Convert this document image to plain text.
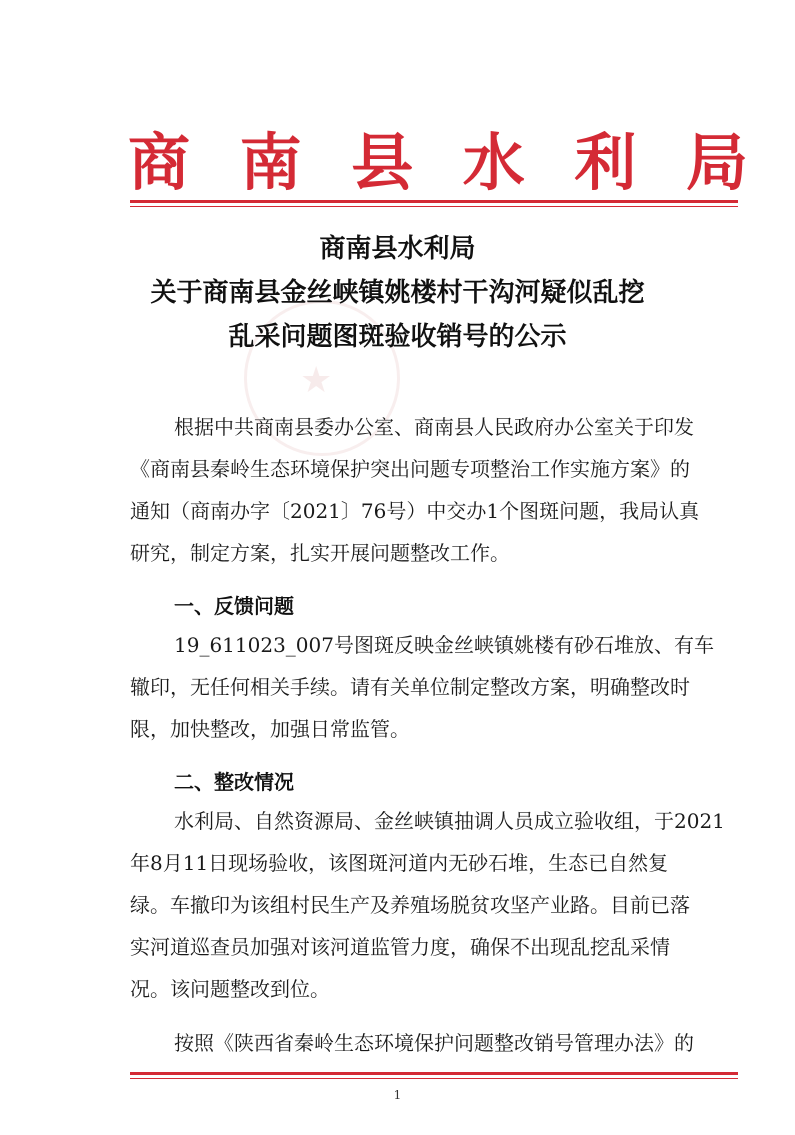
★
商 南 县 水 利 局
商南县水利局
关于商南县金丝峡镇姚楼村干沟河疑似乱挖
乱采问题图斑验收销号的公示

根据中共商南县委办公室、商南县人民政府办公室关于印发

《商南县秦岭生态环境保护突出问题专项整治工作实施方案》的

通知（商南办字〔2021〕76号）中交办1个图斑问题，我局认真

研究，制定方案，扎实开展问题整改工作。

一、反馈问题

19_611023_007号图斑反映金丝峡镇姚楼有砂石堆放、有车

辙印，无任何相关手续。请有关单位制定整改方案，明确整改时

限，加快整改，加强日常监管。

二、整改情况

水利局、自然资源局、金丝峡镇抽调人员成立验收组，于2021

年8月11日现场验收，该图斑河道内无砂石堆，生态已自然复

绿。车撤印为该组村民生产及养殖场脱贫攻坚产业路。目前已落

实河道巡查员加强对该河道监管力度，确保不出现乱挖乱采情

况。该问题整改到位。

按照《陕西省秦岭生态环境保护问题整改销号管理办法》的

1
